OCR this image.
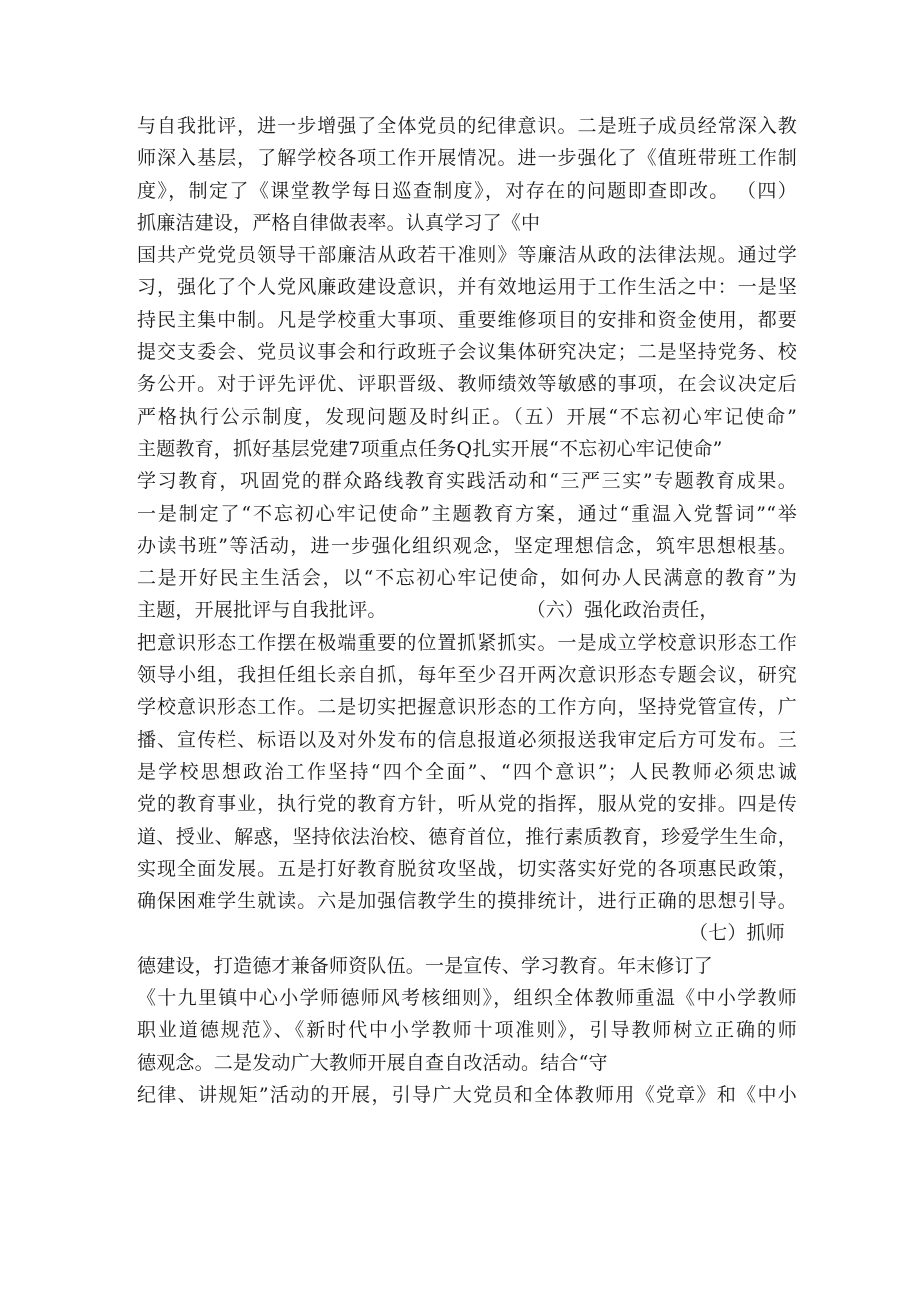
与自我批评，进一步增强了全体党员的纪律意识。二是班子成员经常深入教
师深入基层，了解学校各项工作开展情况。进一步强化了《值班带班工作制
度》，制定了《课堂教学每日巡查制度》，对存在的问题即查即改。 （四）
抓廉洁建设，严格自律做表率。认真学习了《中
国共产党党员领导干部廉洁从政若干准则》等廉洁从政的法律法规。通过学
习，强化了个人党风廉政建设意识，并有效地运用于工作生活之中：一是坚
持民主集中制。凡是学校重大事项、重要维修项目的安排和资金使用，都要
提交支委会、党员议事会和行政班子会议集体研究决定；二是坚持党务、校
务公开。对于评先评优、评职晋级、教师绩效等敏感的事项，在会议决定后
严格执行公示制度，发现问题及时纠正。（五）开展“不忘初心牢记使命”
主题教育，抓好基层党建7项重点任务Q扎实开展“不忘初心牢记使命”
学习教育，巩固党的群众路线教育实践活动和“三严三实”专题教育成果。
一是制定了“不忘初心牢记使命”主题教育方案，通过“重温入党誓词”“举
办读书班”等活动，进一步强化组织观念，坚定理想信念，筑牢思想根基。
二是开好民主生活会，以“不忘初心牢记使命，如何办人民满意的教育”为
主题，开展批评与自我批评。	（六）强化政治责任，
把意识形态工作摆在极端重要的位置抓紧抓实。一是成立学校意识形态工作
领导小组，我担任组长亲自抓，每年至少召开两次意识形态专题会议，研究
学校意识形态工作。二是切实把握意识形态的工作方向，坚持党管宣传，广
播、宣传栏、标语以及对外发布的信息报道必须报送我审定后方可发布。三
是学校思想政治工作坚持“四个全面”、“四个意识”；人民教师必须忠诚
党的教育事业，执行党的教育方针，听从党的指挥，服从党的安排。四是传
道、授业、解惑，坚持依法治校、德育首位，推行素质教育，珍爱学生生命，
实现全面发展。五是打好教育脱贫攻坚战，切实落实好党的各项惠民政策，
确保困难学生就读。六是加强信教学生的摸排统计，进行正确的思想引导。
（七）抓师
德建设，打造德才兼备师资队伍。一是宣传、学习教育。年末修订了
《十九里镇中心小学师德师风考核细则》，组织全体教师重温《中小学教师
职业道德规范》、《新时代中小学教师十项准则》，引导教师树立正确的师
德观念。二是发动广大教师开展自查自改活动。结合“守
纪律、讲规矩”活动的开展，引导广大党员和全体教师用《党章》和《中小
